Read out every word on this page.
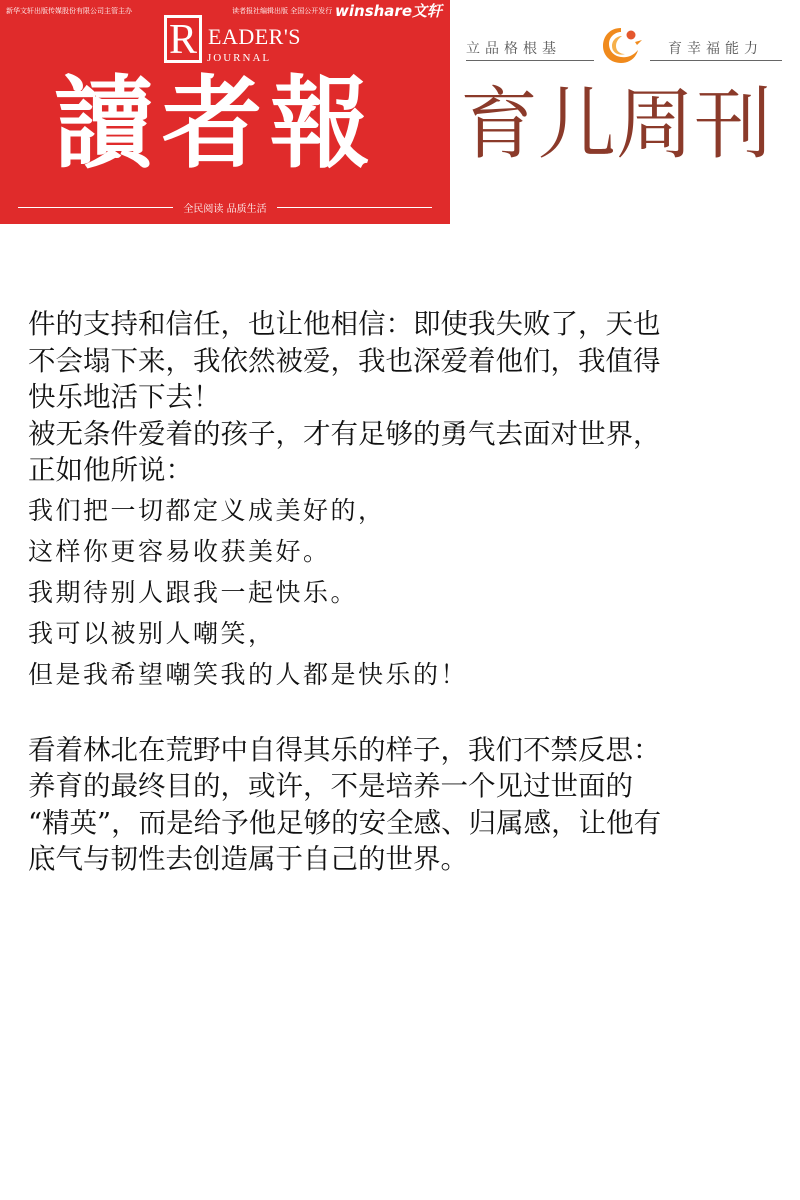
新华文轩出版传媒股份有限公司主管主办	读者报社编辑出版 全国公开发行 winshare文轩
R EADER'S
JOURNAL
讀者報
全民阅读 品质生活
立品格根基	育幸福能力
育儿周刊

件的支持和信任，也让他相信：即使我失败了，天也

不会塌下来，我依然被爱，我也深爱着他们，我值得

快乐地活下去！

被无条件爱着的孩子，才有足够的勇气去面对世界，

正如他所说：

我们把一切都定义成美好的，

这样你更容易收获美好。

我期待别人跟我一起快乐。

我可以被别人嘲笑，

但是我希望嘲笑我的人都是快乐的！

看着林北在荒野中自得其乐的样子，我们不禁反思：

养育的最终目的，或许，不是培养一个见过世面的

“精英”，而是给予他足够的安全感、归属感，让他有

底气与韧性去创造属于自己的世界。
